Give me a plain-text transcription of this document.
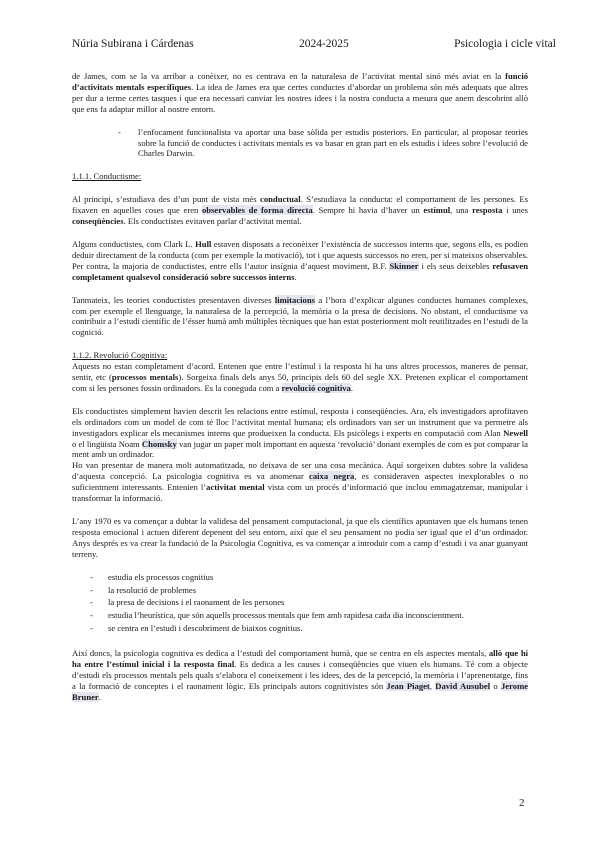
Núria Subirana i Cárdenas	2024-2025	Psicologia i cicle vital

de James, com se la va arribar a conèixer, no es centrava en la naturalesa de l’activitat mental sinó més aviat en la funció d’activitats mentals específiques. La idea de James era que certes conductes d’abordar un problema són més adequats que altres per dur a terme certes tasques i que era necessari canviar les nostres idees i la nostra conducta a mesura que anem descobrint allò que ens fa adaptar millor al nostre entorn.

-	l’enfocament funcionalista va aportar una base sòlida per estudis posteriors. En particular, al proposar teories sobre la funció de conductes i activitats mentals es va basar en gran part en els estudis i idees sobre l’evolució de Charles Darwin.

1.1.1. Conductisme:

Al principi, s’estudiava des d’un punt de vista més conductual. S’estudiava la conducta: el comportament de les persones. Es fixaven en aquelles coses que eren observables de forma directa. Sempre hi havia d’haver un estímul, una resposta i unes conseqüències. Els conductistes evitaven parlar d’activitat mental.

Alguns conductistes, com Clark L. Hull estaven disposats a reconèixer l’existència de successos interns que, segons ells, es podien deduir directament de la conducta (com per exemple la motivació), tot i que aquests successos no eren, per si mateixos observables. Per contra, la majoria de conductistes, entre ells l’autor insígnia d’aquest moviment, B.F. Skinner i els seus deixebles refusaven completament qualsevol consideració sobre successos interns.

Tanmateix, les teories conductistes presentaven diverses limitacions a l’hora d’explicar algunes conductes humanes complexes, com per exemple el llenguatge, la naturalesa de la percepció, la memòria o la presa de decisions. No obstant, el conductisme va contribuir a l’estudi científic de l’ésser humà amb múltiples tècniques que han estat posteriorment molt reutilitzades en l’estudi de la cognició.

1.1.2. Revolució Cognitiva:

Aquests no estan completament d’acord. Entenen que entre l’estímul i la resposta hi ha uns altres processos, maneres de pensar, sentir, etc (processos mentals). Sorgeixa finals dels anys 50, principis dels 60 del segle XX. Pretenen explicar el comportament com si les persones fossin ordinadors. Es la coneguda com a revolució cognitiva.

Els conductistes simplement havien descrit les relacions entre estímul, resposta i conseqüències. Ara, els investigadors aprofitaven els ordinadors com un model de com té lloc l’activitat mental humana; els ordinadors van ser un instrument que va permetre als investigadors explicar els mecanismes interns que produeixen la conducta. Els psicòlegs i experts en computació com Alan Newell o el lingüista Noam Chomsky van jugar un paper molt important en aquesta ‘revolució’ donant exemples de com es pot comparar la ment amb un ordinador.

Ho van presentar de manera molt automatitzada, no deixava de ser una cosa mecànica. Aquí sorgeixen dubtes sobre la validesa d’aquesta concepció. La psicologia cognitiva es va anomenar caixa negra, es consideraven aspectes inexplorables o no suficientment interessants. Entenien l’activitat mental vista com un procés d’informació que inclou emmagatzemar, manipular i transformar la informació.

L’any 1970 es va començar a dubtar la validesa del pensament computacional, ja que els científics apuntaven que els humans tenen resposta emocional i actuen diferent depenent del seu entorn, així que el seu pensament no podia ser igual que el d’un ordinador. Anys després es va crear la fundació de la Psicologia Cognitiva, es va començar a introduir com a camp d’estudi i va anar guanyant terreny.

- estudia els processos cognitius
- la resolució de problemes
- la presa de decisions i el raonament de les persones
- estudia l’heurística, que són aquells processos mentals que fem amb rapidesa cada dia inconscientment.
- se centra en l’estudi i descobriment de biaixos cognitius.

Així doncs, la psicologia cognitiva es dedica a l’estudi del comportament humà, que se centra en els aspectes mentals, allò que hi ha entre l’estímul inicial i la resposta final. Es dedica a les causes i conseqüències que viuen els humans. Té com a objecte d’estudi els processos mentals pels quals s’elabora el coneixement i les idees, des de la percepció, la memòria i l’aprenentatge, fins a la formació de conceptes i el raonament lògic. Els principals autors cognitivistes són Jean Piaget, David Ausubel o Jerome Bruner.

2
